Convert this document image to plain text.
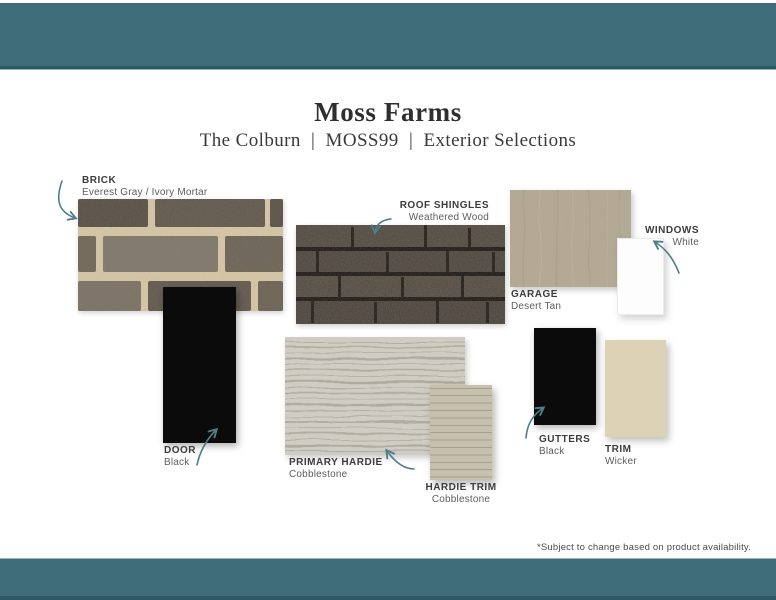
Moss Farms
The Colburn  |  MOSS99  |  Exterior Selections
BRICK
Everest Gray / Ivory Mortar
ROOF SHINGLES
Weathered Wood
GARAGE
Desert Tan
WINDOWS
White
DOOR
Black	PRIMARY HARDIE
Cobblestone
HARDIE TRIM
Cobblestone
GUTTERS
Black	TRIM
Wicker
*Subject to change based on product availability.
